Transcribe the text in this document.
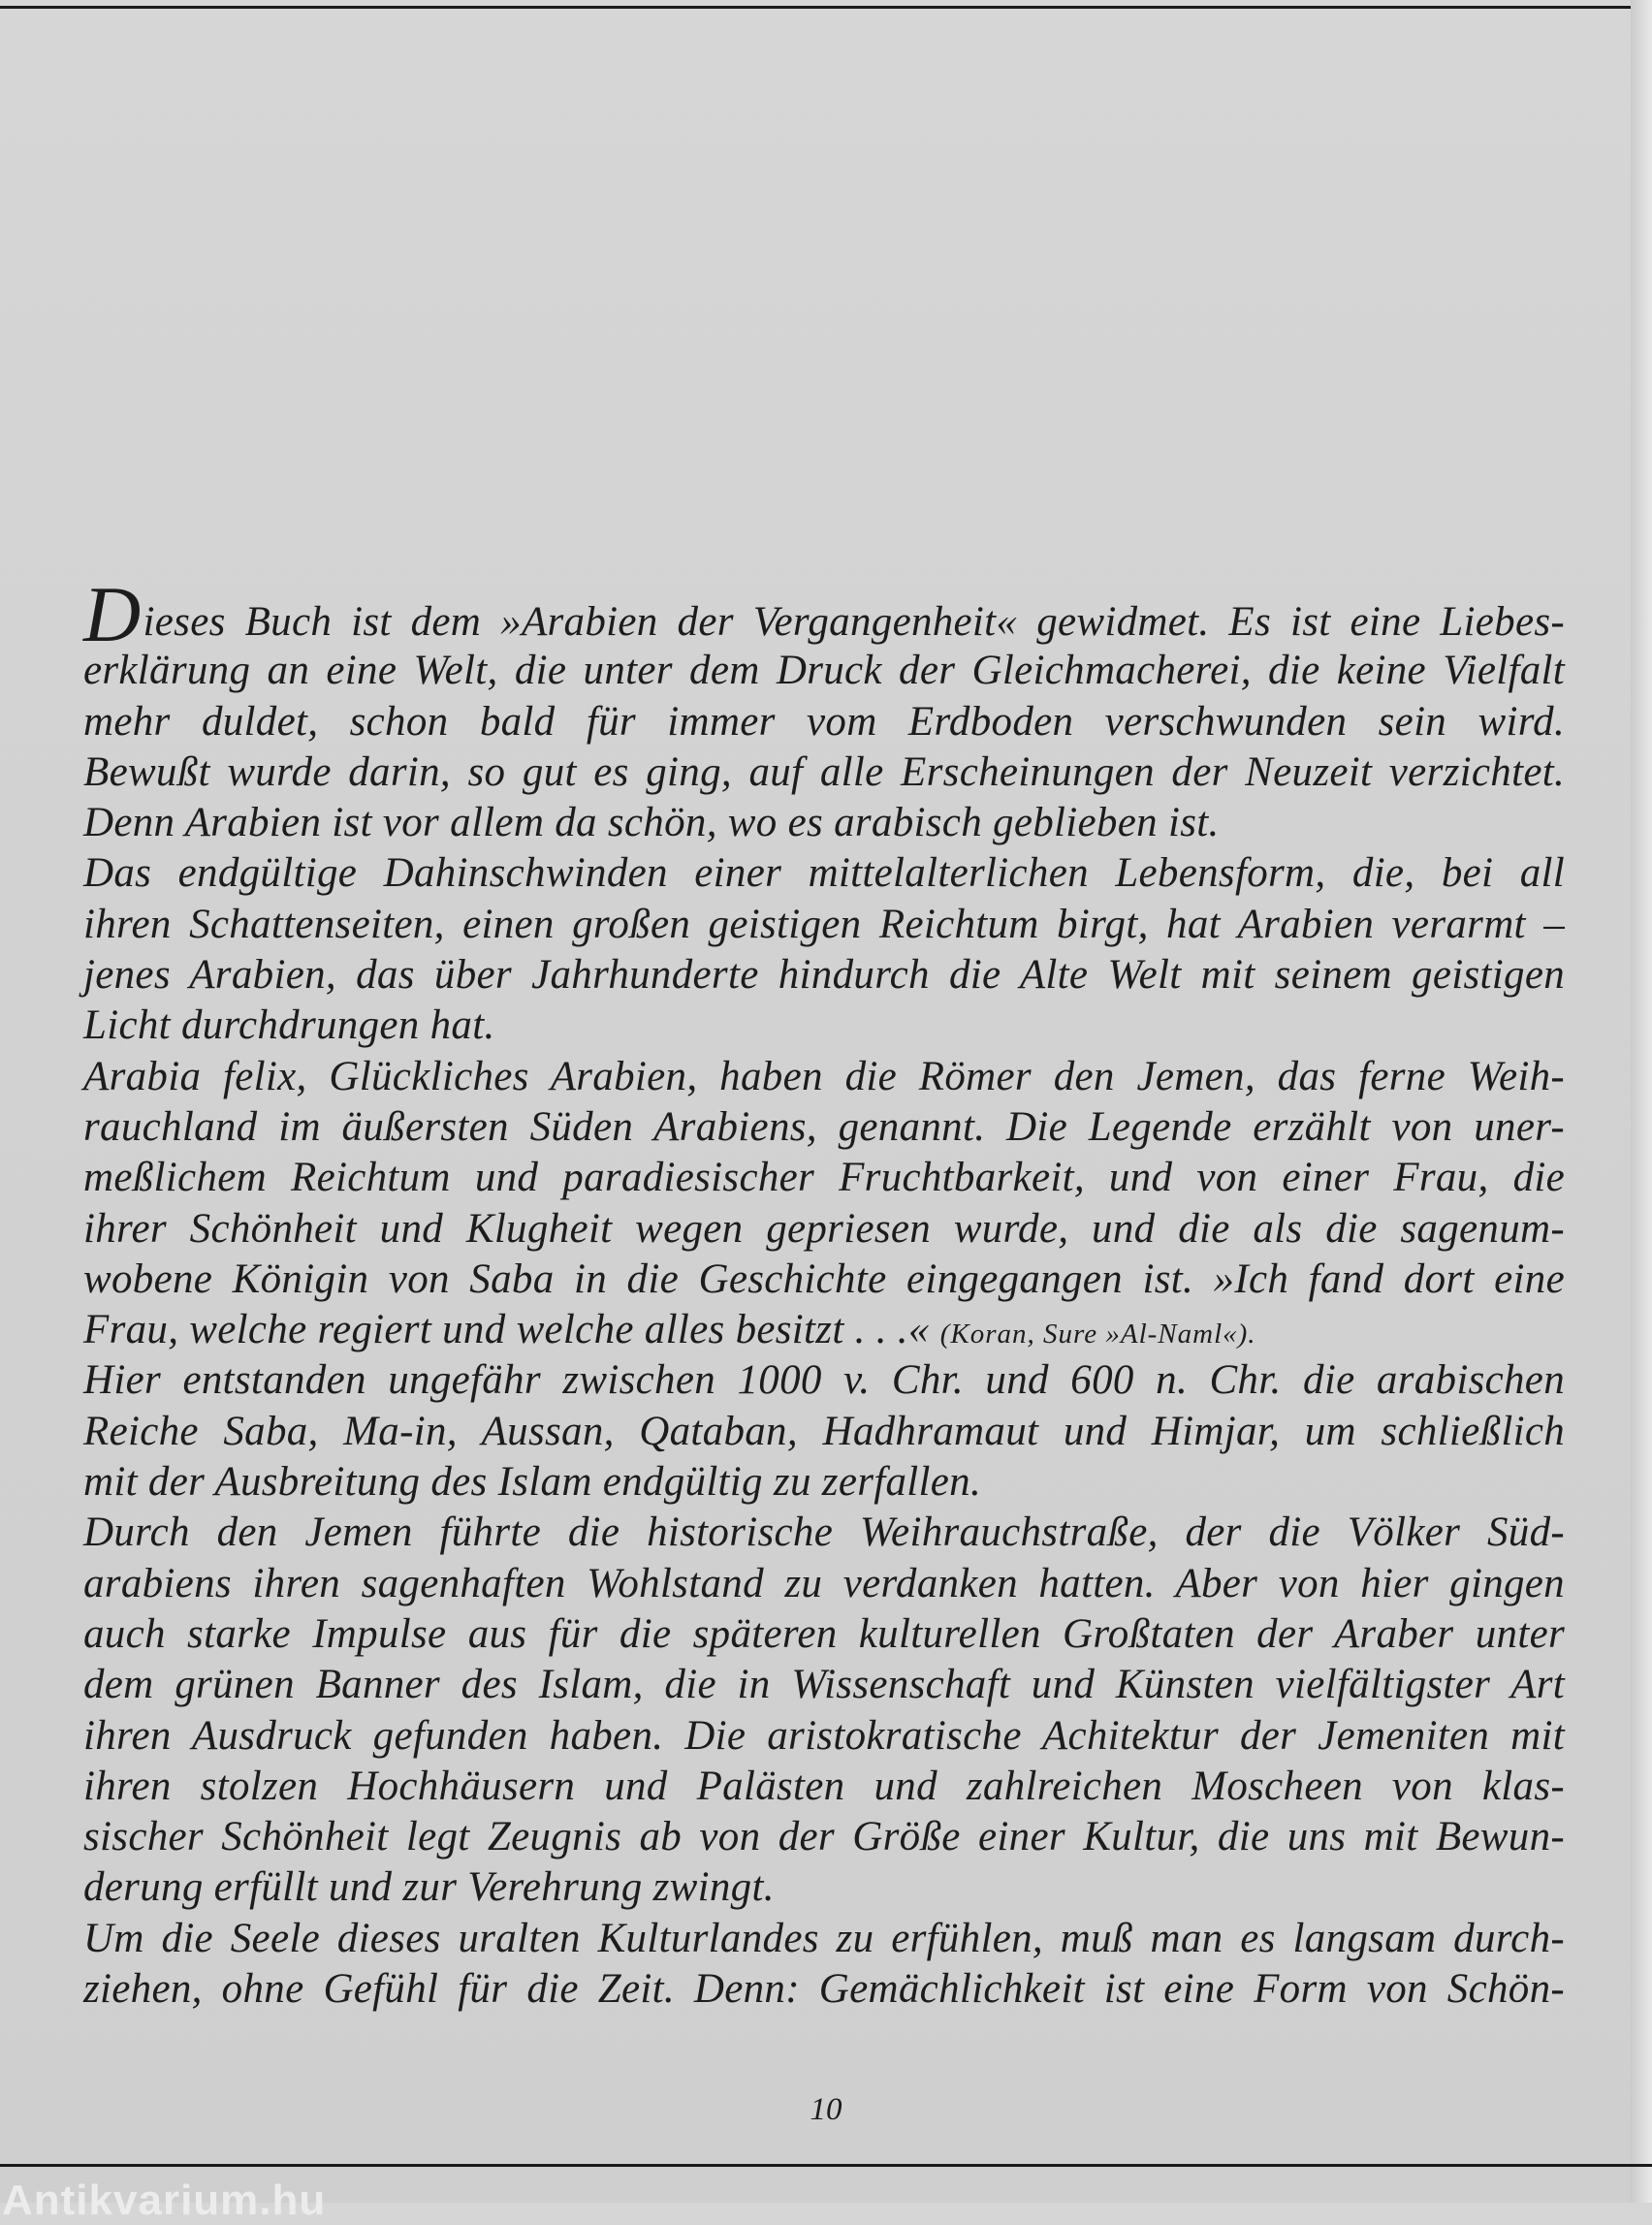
Dieses Buch ist dem »Arabien der Vergangenheit« gewidmet. Es ist eine Liebes-
erklärung an eine Welt, die unter dem Druck der Gleichmacherei, die keine Vielfalt
mehr duldet, schon bald für immer vom Erdboden verschwunden sein wird.
Bewußt wurde darin, so gut es ging, auf alle Erscheinungen der Neuzeit verzichtet.
Denn Arabien ist vor allem da schön, wo es arabisch geblieben ist.
Das endgültige Dahinschwinden einer mittelalterlichen Lebensform, die, bei all
ihren Schattenseiten, einen großen geistigen Reichtum birgt, hat Arabien verarmt –
jenes Arabien, das über Jahrhunderte hindurch die Alte Welt mit seinem geistigen
Licht durchdrungen hat.
Arabia felix, Glückliches Arabien, haben die Römer den Jemen, das ferne Weih-
rauchland im äußersten Süden Arabiens, genannt. Die Legende erzählt von uner-
meßlichem Reichtum und paradiesischer Fruchtbarkeit, und von einer Frau, die
ihrer Schönheit und Klugheit wegen gepriesen wurde, und die als die sagenum-
wobene Königin von Saba in die Geschichte eingegangen ist. »Ich fand dort eine
Frau, welche regiert und welche alles besitzt . . .« (Koran, Sure »Al-Naml«).
Hier entstanden ungefähr zwischen 1000 v. Chr. und 600 n. Chr. die arabischen
Reiche Saba, Ma-in, Aussan, Qataban, Hadhramaut und Himjar, um schließlich
mit der Ausbreitung des Islam endgültig zu zerfallen.
Durch den Jemen führte die historische Weihrauchstraße, der die Völker Süd-
arabiens ihren sagenhaften Wohlstand zu verdanken hatten. Aber von hier gingen
auch starke Impulse aus für die späteren kulturellen Großtaten der Araber unter
dem grünen Banner des Islam, die in Wissenschaft und Künsten vielfältigster Art
ihren Ausdruck gefunden haben. Die aristokratische Achitektur der Jemeniten mit
ihren stolzen Hochhäusern und Palästen und zahlreichen Moscheen von klas-
sischer Schönheit legt Zeugnis ab von der Größe einer Kultur, die uns mit Bewun-
derung erfüllt und zur Verehrung zwingt.
Um die Seele dieses uralten Kulturlandes zu erfühlen, muß man es langsam durch-
ziehen, ohne Gefühl für die Zeit. Denn: Gemächlichkeit ist eine Form von Schön-
10
Antikvarium.hu
